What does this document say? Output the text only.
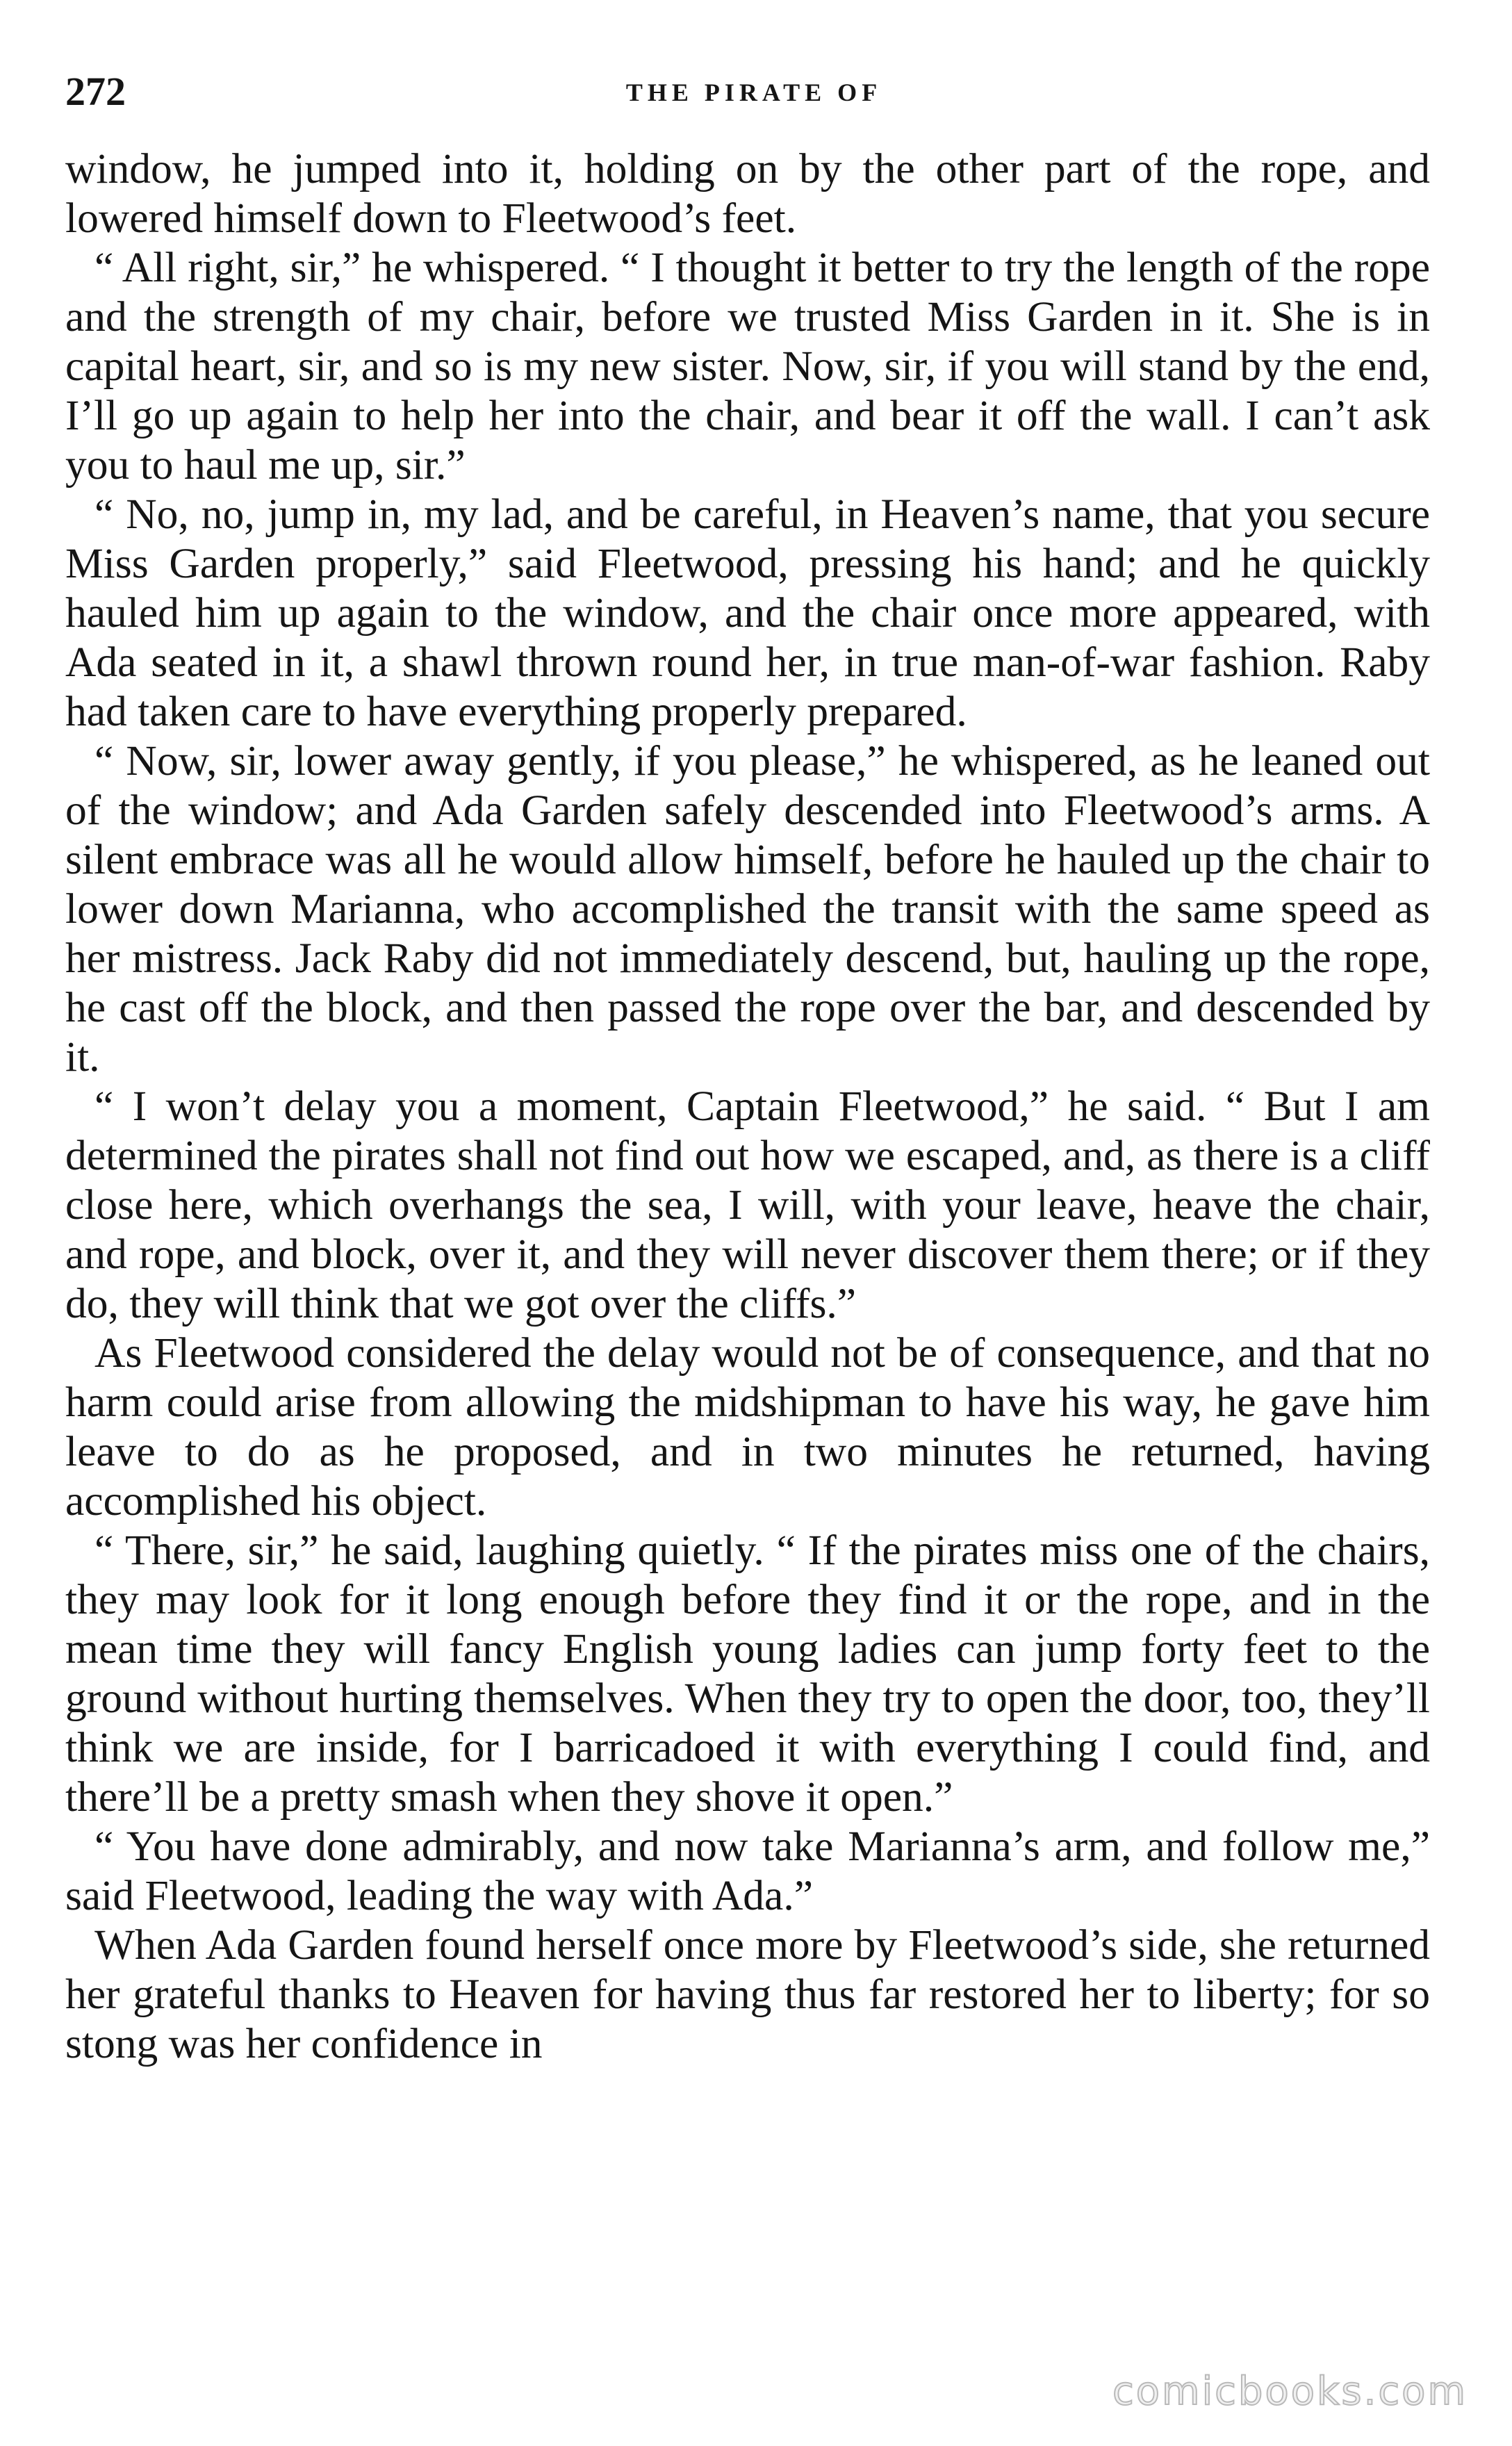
272	THE PIRATE OF

window, he jumped into it, holding on by the other part of the rope, and lowered himself down to Fleetwood’s feet.

“ All right, sir,” he whispered. “ I thought it better to try the length of the rope and the strength of my chair, before we trusted Miss Garden in it. She is in capital heart, sir, and so is my new sister. Now, sir, if you will stand by the end, I’ll go up again to help her into the chair, and bear it off the wall. I can’t ask you to haul me up, sir.”

“ No, no, jump in, my lad, and be careful, in Heaven’s name, that you secure Miss Garden properly,” said Fleetwood, pressing his hand; and he quickly hauled him up again to the window, and the chair once more appeared, with Ada seated in it, a shawl thrown round her, in true man-of-war fashion. Raby had taken care to have everything properly prepared.

“ Now, sir, lower away gently, if you please,” he whispered, as he leaned out of the window; and Ada Garden safely descended into Fleetwood’s arms. A silent embrace was all he would allow himself, before he hauled up the chair to lower down Marianna, who accomplished the transit with the same speed as her mistress. Jack Raby did not immediately descend, but, hauling up the rope, he cast off the block, and then passed the rope over the bar, and descended by it.

“ I won’t delay you a moment, Captain Fleetwood,” he said. “ But I am determined the pirates shall not find out how we escaped, and, as there is a cliff close here, which overhangs the sea, I will, with your leave, heave the chair, and rope, and block, over it, and they will never discover them there; or if they do, they will think that we got over the cliffs.”

As Fleetwood considered the delay would not be of consequence, and that no harm could arise from allowing the midshipman to have his way, he gave him leave to do as he proposed, and in two minutes he returned, having accomplished his object.

“ There, sir,” he said, laughing quietly. “ If the pirates miss one of the chairs, they may look for it long enough before they find it or the rope, and in the mean time they will fancy English young ladies can jump forty feet to the ground without hurting themselves. When they try to open the door, too, they’ll think we are inside, for I barricadoed it with everything I could find, and there’ll be a pretty smash when they shove it open.”

“ You have done admirably, and now take Marianna’s arm, and follow me,” said Fleetwood, leading the way with Ada.”

When Ada Garden found herself once more by Fleetwood’s side, she returned her grateful thanks to Heaven for having thus far restored her to liberty; for so stong was her confidence in

comicbooks.com
